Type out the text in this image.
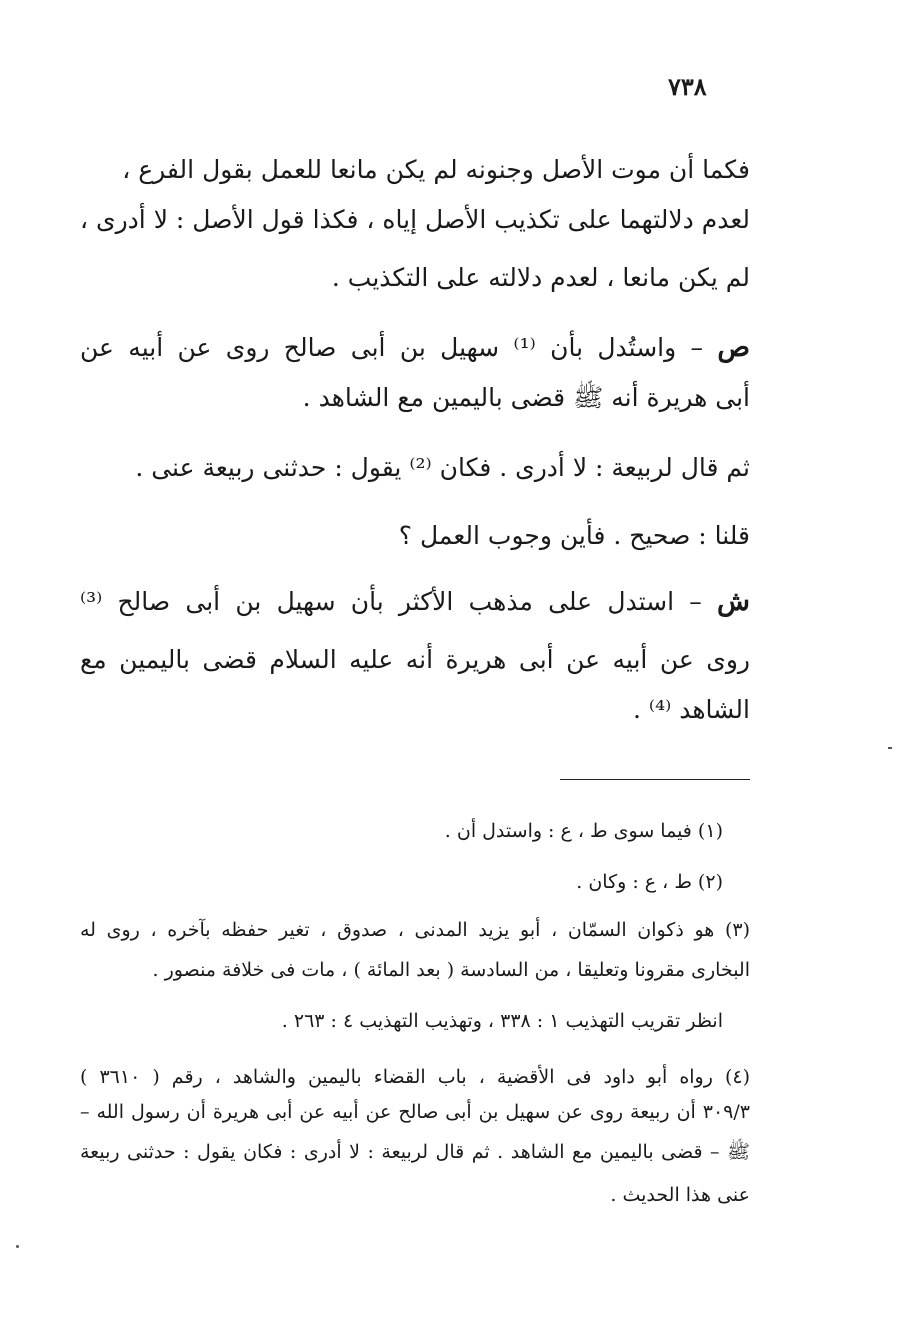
٧٣٨
فكما أن موت الأصل وجنونه لم يكن مانعا للعمل بقول الفرع ،
لعدم دلالتهما على تكذيب الأصل إياه ، فكذا قول الأصل : لا أدرى ،
لم يكن مانعا ، لعدم دلالته على التكذيب .
ص – واستُدل بأن ⁽¹⁾ سهيل بن أبى صالح روى عن أبيه عن
أبى هريرة أنه ﷺ قضى باليمين مع الشاهد .
ثم قال لربيعة : لا أدرى . فكان ⁽²⁾ يقول : حدثنى ربيعة عنى .
قلنا : صحيح . فأين وجوب العمل ؟
ش – استدل على مذهب الأكثر بأن سهيل بن أبى صالح ⁽³⁾
روى عن أبيه عن أبى هريرة أنه عليه السلام قضى باليمين مع
الشاهد ⁽⁴⁾ .
(١) فيما سوى ط ، ع : واستدل أن .
(٢) ط ، ع : وكان .
(٣) هو ذكوان السمّان ، أبو يزيد المدنى ، صدوق ، تغير حفظه بآخره ، روى له
البخارى مقرونا وتعليقا ، من السادسة ( بعد المائة ) ، مات فى خلافة منصور .
انظر تقريب التهذيب ١ : ٣٣٨ ، وتهذيب التهذيب ٤ : ٢٦٣ .
(٤) رواه أبو داود فى الأقضية ، باب القضاء باليمين والشاهد ، رقم ( ٣٦١٠ )
٣٠٩/٣ أن ربيعة روى عن سهيل بن أبى صالح عن أبيه عن أبى هريرة أن رسول الله –
ﷺ – قضى باليمين مع الشاهد . ثم قال لربيعة : لا أدرى : فكان يقول : حدثنى ربيعة
عنى هذا الحديث .
